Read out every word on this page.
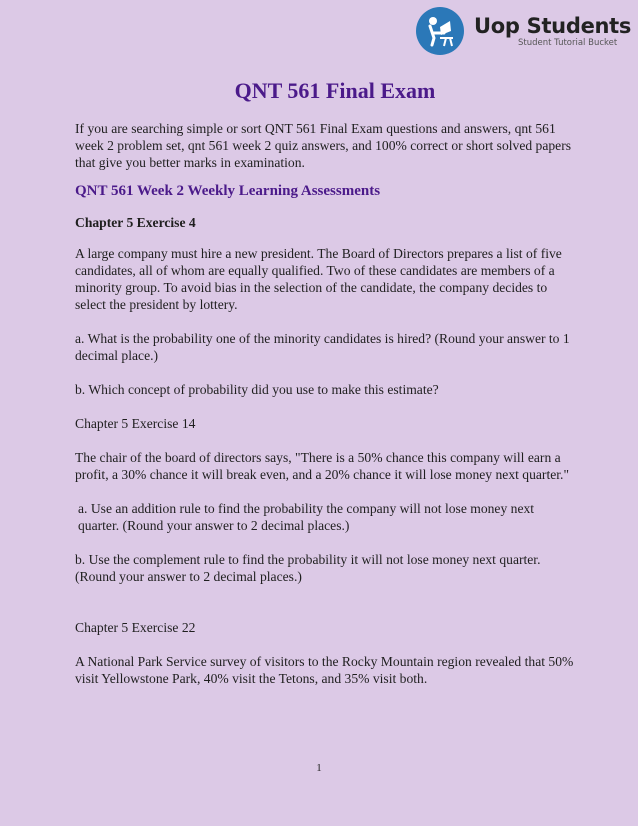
Uop Students
Student Tutorial Bucket
QNT 561 Final Exam

If you are searching simple or sort QNT 561 Final Exam questions and answers, qnt 561 week 2 problem set, qnt 561 week 2 quiz answers, and 100% correct or short solved papers that give you better marks in examination.

QNT 561 Week 2 Weekly Learning Assessments

Chapter 5 Exercise 4

A large company must hire a new president. The Board of Directors prepares a list of five candidates, all of whom are equally qualified. Two of these candidates are members of a minority group. To avoid bias in the selection of the candidate, the company decides to select the president by lottery.

a. What is the probability one of the minority candidates is hired? (Round your answer to 1 decimal place.)

b. Which concept of probability did you use to make this estimate?

Chapter 5 Exercise 14

The chair of the board of directors says, "There is a 50% chance this company will earn a profit, a 30% chance it will break even, and a 20% chance it will lose money next quarter."

a. Use an addition rule to find the probability the company will not lose money next quarter. (Round your answer to 2 decimal places.)

b. Use the complement rule to find the probability it will not lose money next quarter. (Round your answer to 2 decimal places.)

Chapter 5 Exercise 22

A National Park Service survey of visitors to the Rocky Mountain region revealed that 50% visit Yellowstone Park, 40% visit the Tetons, and 35% visit both.

1
